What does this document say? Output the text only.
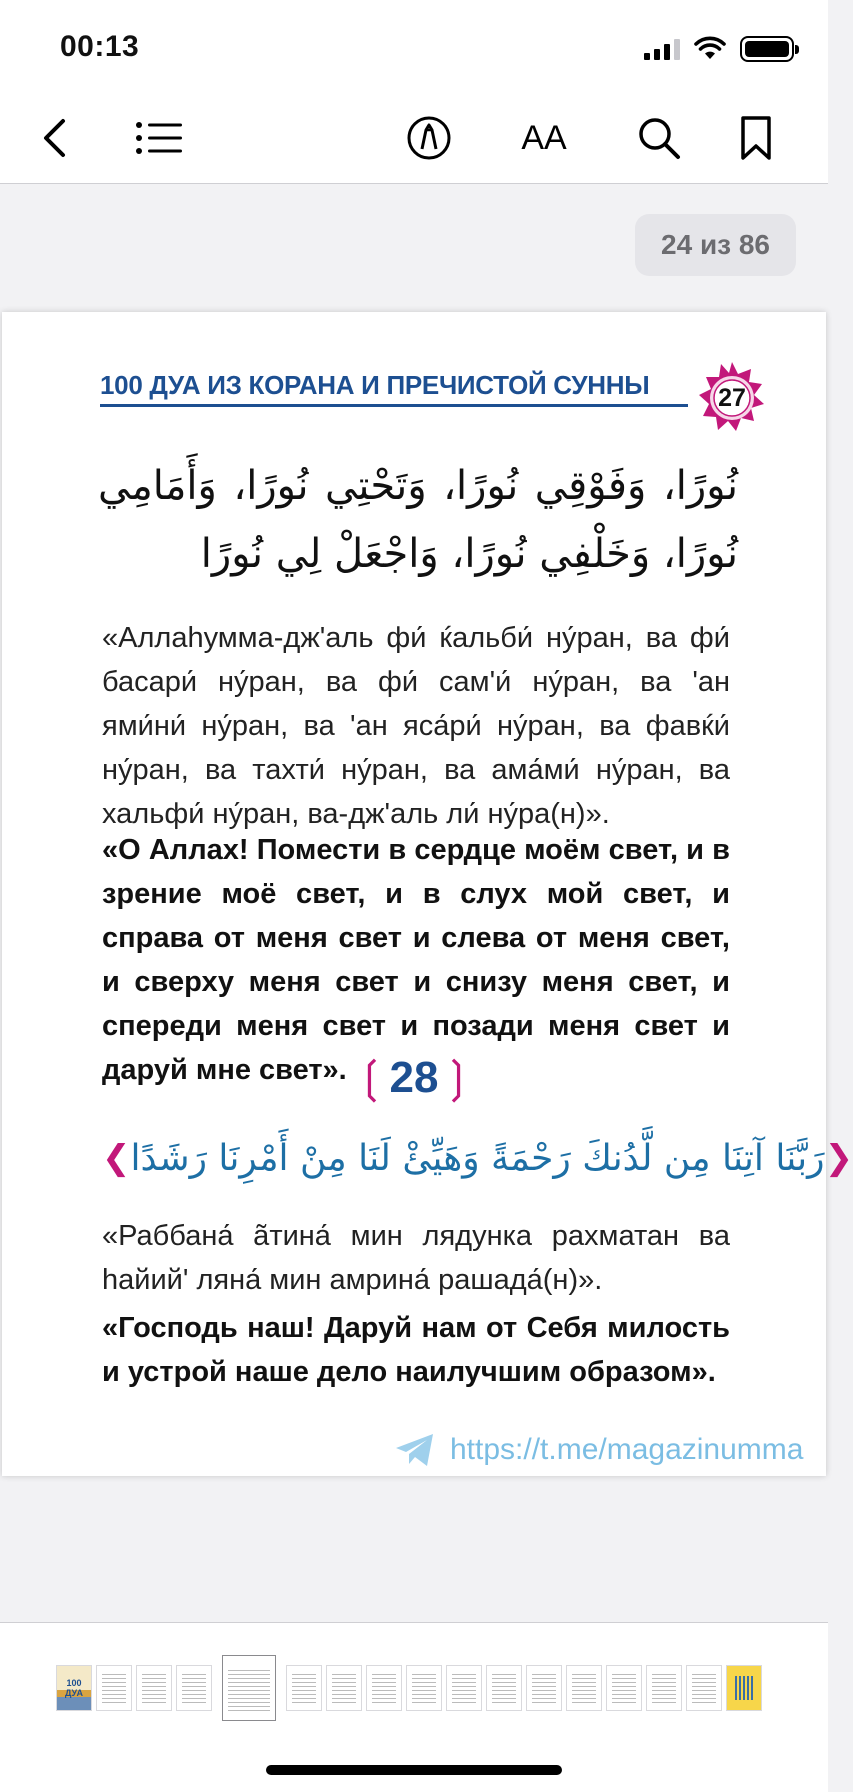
00:13
AA
24 из 86
100 ДУА ИЗ КОРАНА И ПРЕЧИСТОЙ СУННЫ	27
نُورًا، وَفَوْقِي نُورًا، وَتَحْتِي نُورًا، وَأَمَامِي نُورًا، وَخَلْفِي نُورًا، وَاجْعَلْ لِي نُورًا
«Аллаhумма-дж'аль фи́ ќальби́ ну́ран, ва фи́ басари́ ну́ран, ва фи́ сам'и́ ну́ран, ва 'ан ями́ни́ ну́ран, ва 'ан яса́ри́ ну́ран, ва фавќи́ ну́ран, ва тахти́ ну́ран, ва ама́ми́ ну́ран, ва хальфи́ ну́ран, ва-дж'аль ли́ ну́ра(н)».
«О Аллах! Помести в сердце моём свет, и в зрение моё свет, и в слух мой свет, и справа от меня свет и слева от меня свет, и сверху меня свет и снизу меня свет, и спереди меня свет и позади меня свет и даруй мне свет». ❲28❳
❮ رَبَّنَا آتِنَا مِن لَّدُنكَ رَحْمَةً وَهَيِّئْ لَنَا مِنْ أَمْرِنَا رَشَدًا ❯
«Раббана́ ãтина́ мин лядунка рахматан ва hайий' ляна́ мин амрина́ рашада́(н)».
«Господь наш! Даруй нам от Себя милость и устрой наше дело наилучшим образом».
https://t.me/magazinumma
100 ДУА
